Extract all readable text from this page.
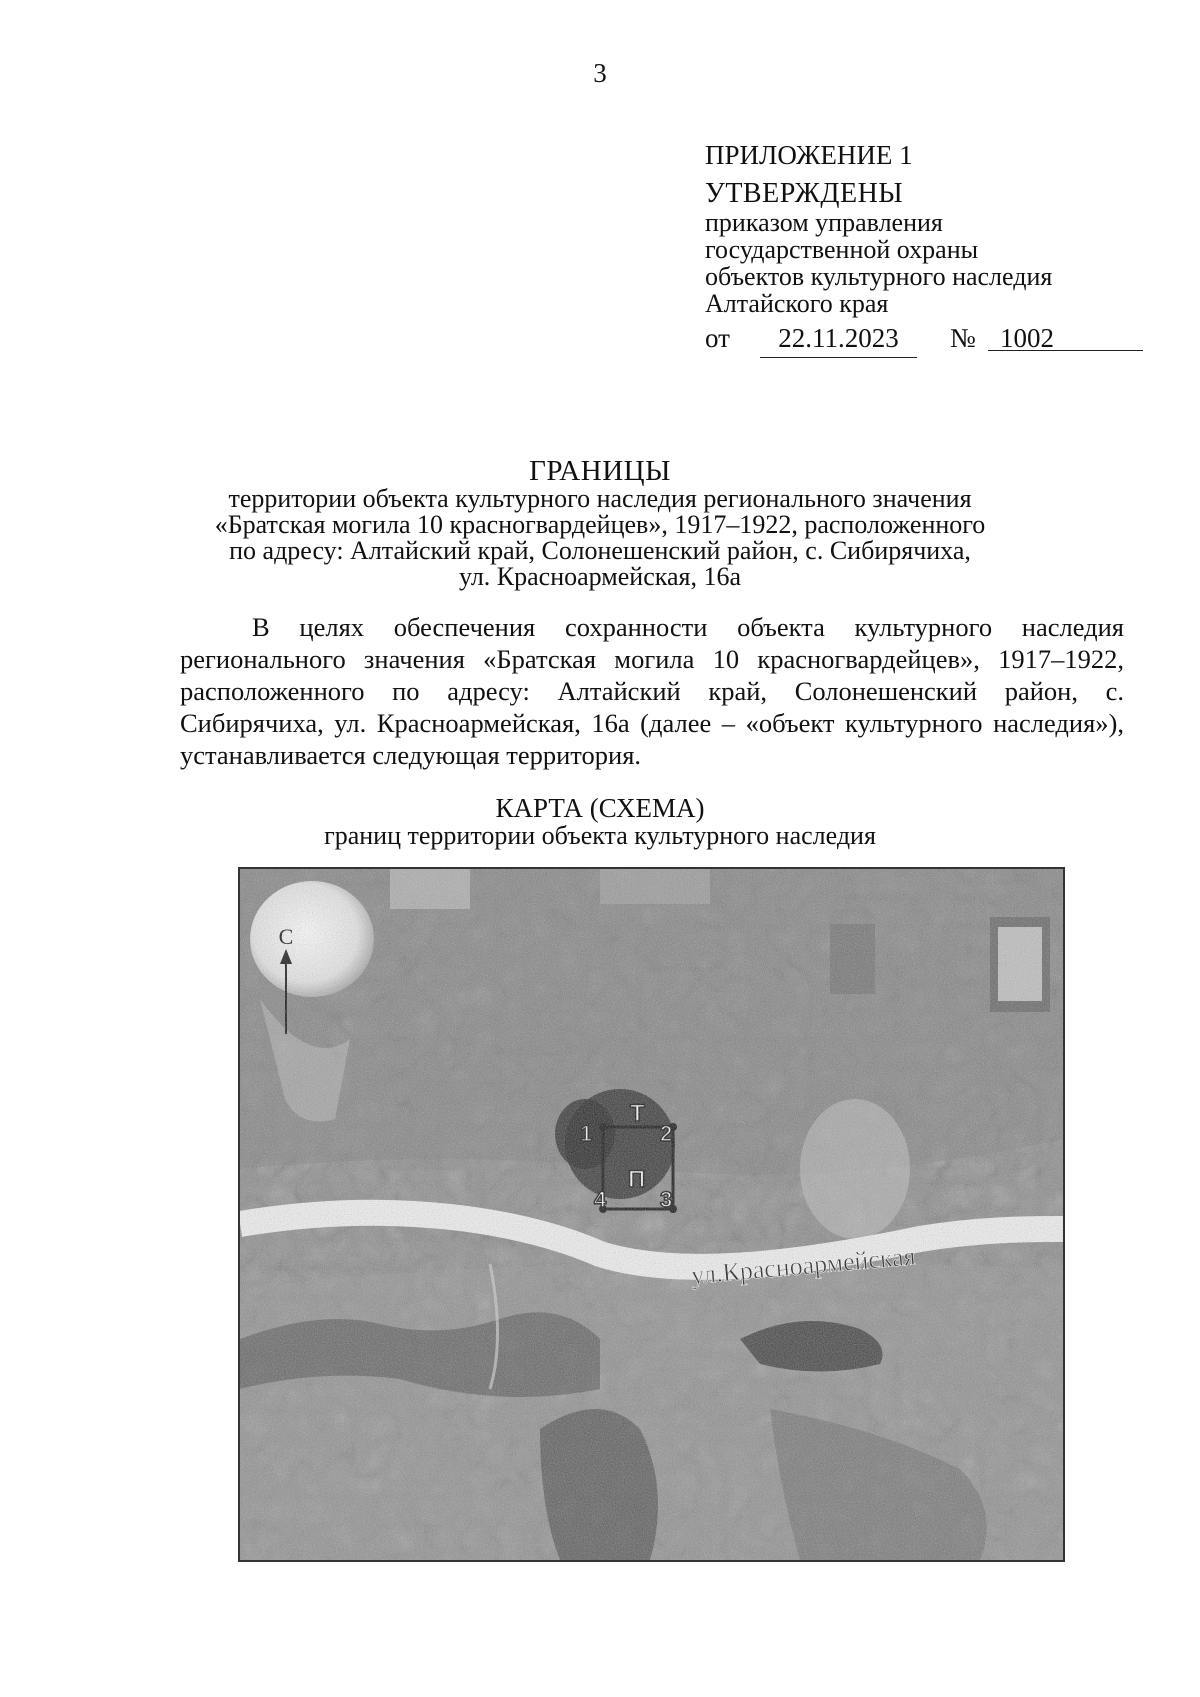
3
ПРИЛОЖЕНИЕ 1
УТВЕРЖДЕНЫ
приказом управления
государственной охраны
объектов культурного наследия
Алтайского края
от	22.11.2023	№ 1002
ГРАНИЦЫ
территории объекта культурного наследия регионального значения
«Братская могила 10 красногвардейцев», 1917–1922, расположенного
по адресу: Алтайский край, Солонешенский район, с. Сибирячиха,
ул. Красноармейская, 16а

В целях обеспечения сохранности объекта культурного наследия регионального значения «Братская могила 10 красногвардейцев», 1917–1922, расположенного по адресу: Алтайский край, Солонешенский район, с. Сибирячиха, ул. Красноармейская, 16а (далее – «объект культурного наследия»), устанавливается следующая территория.

КАРТА (СХЕМА)
границ территории объекта культурного наследия
